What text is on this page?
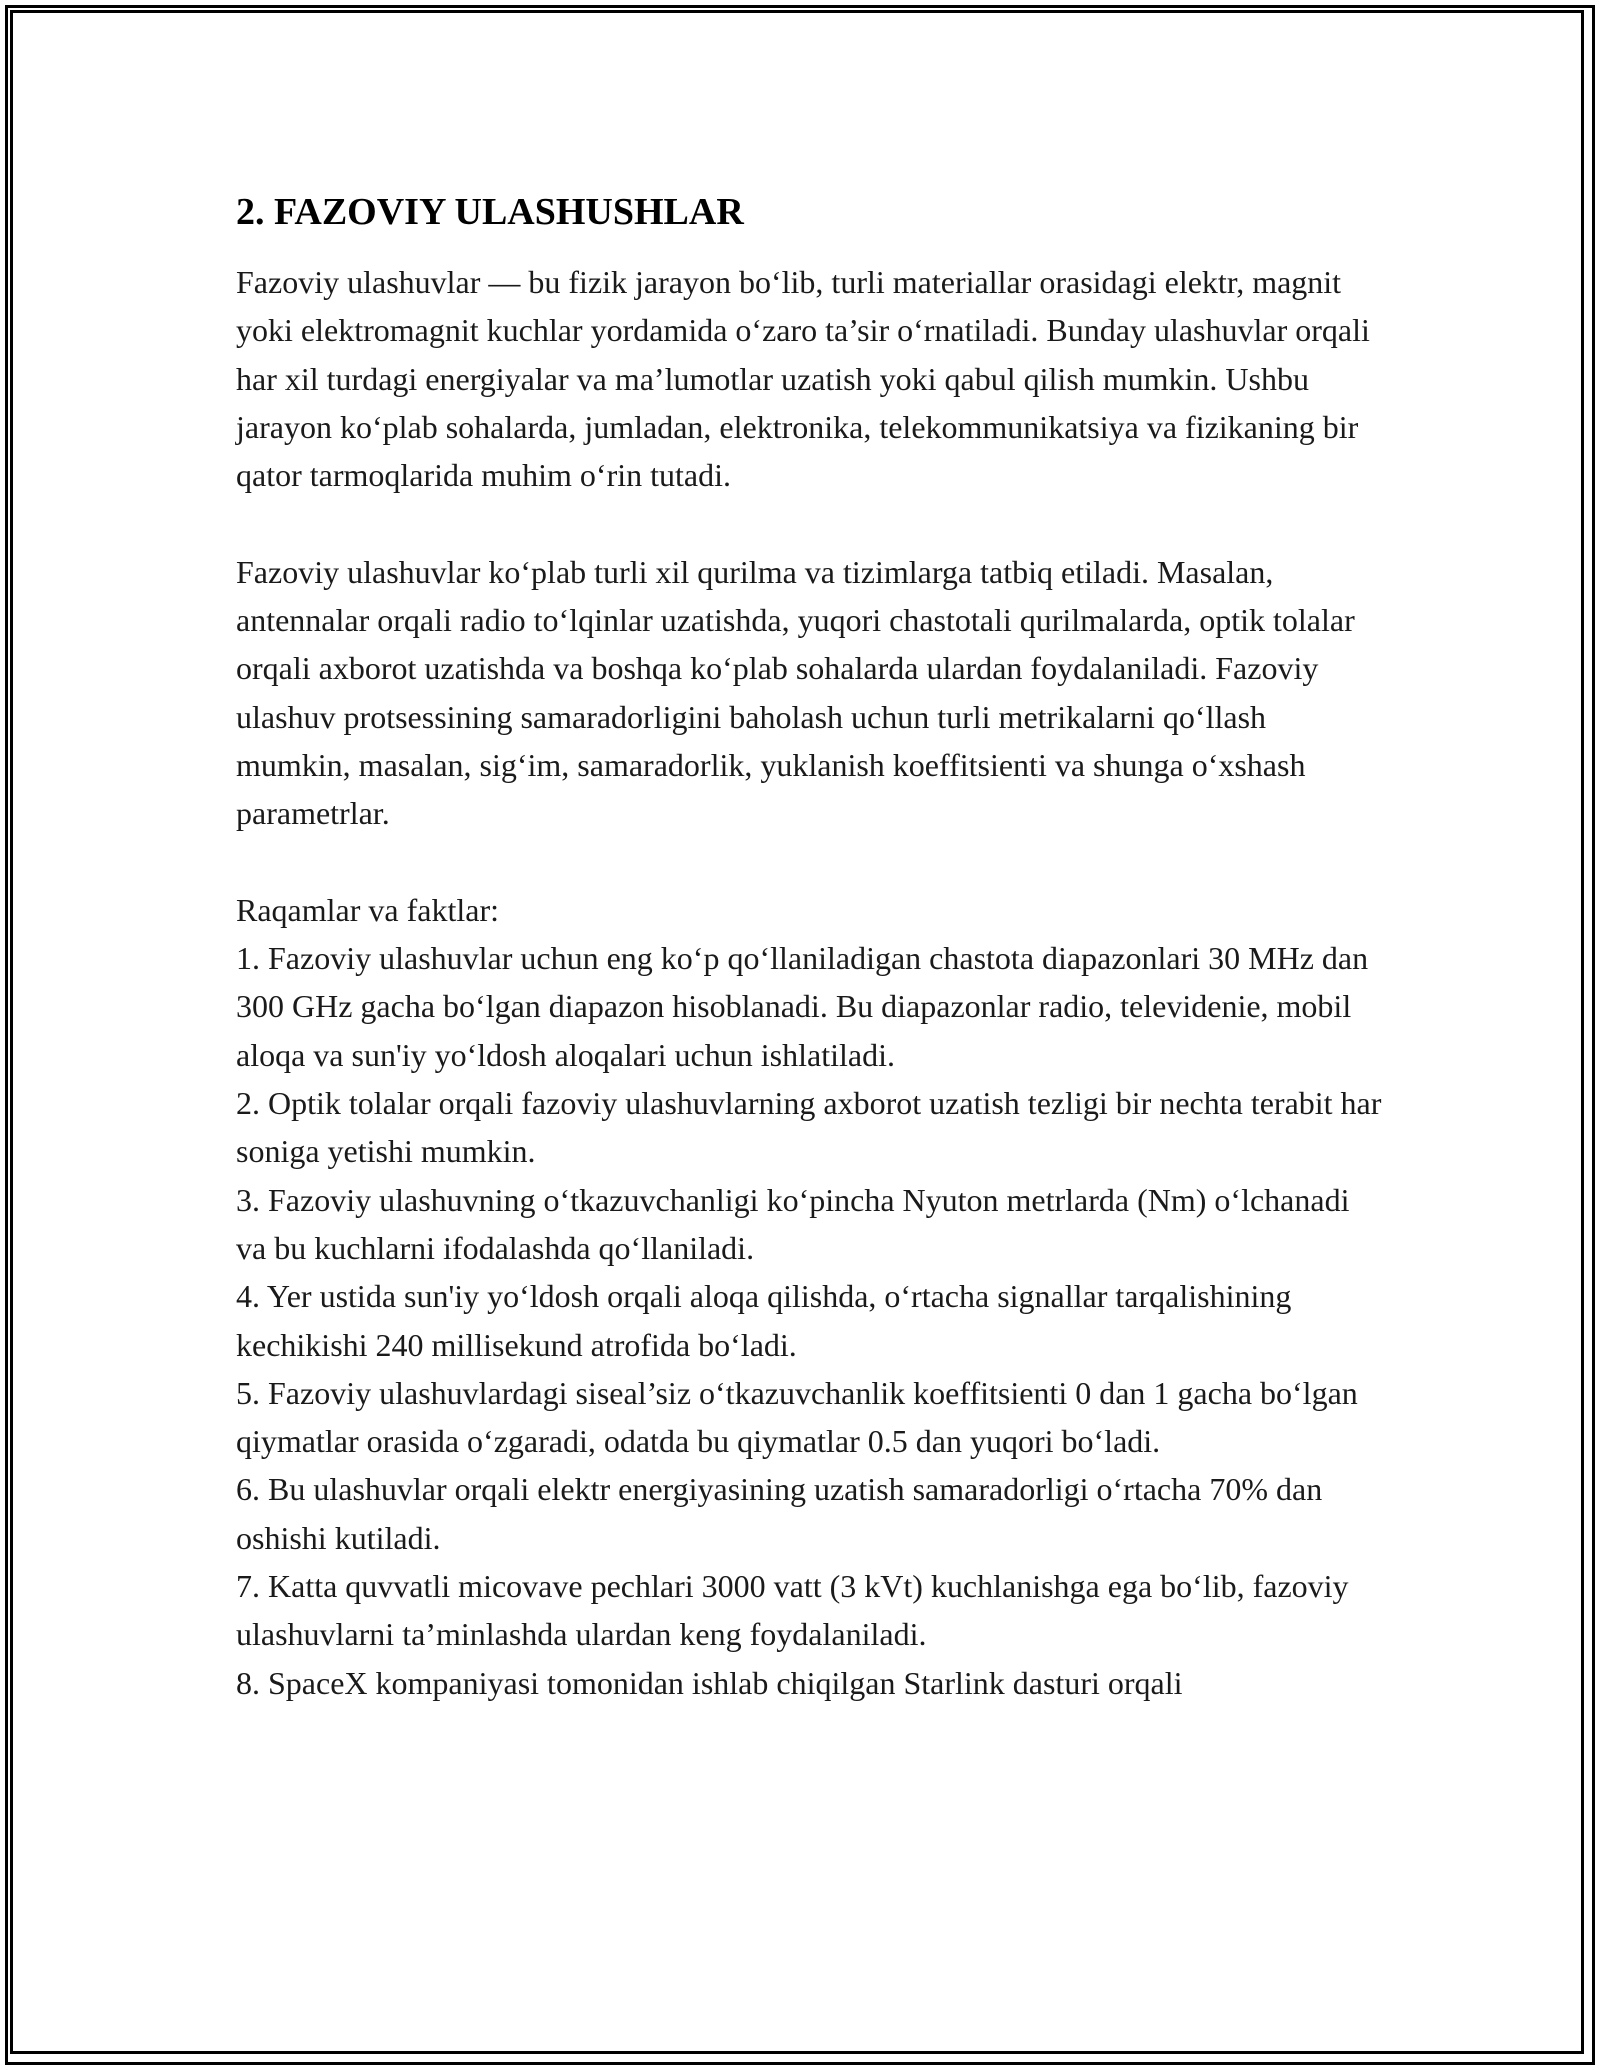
2. FAZOVIY ULASHUSHLAR

Fazoviy ulashuvlar — bu fizik jarayon bo‘lib, turli materiallar orasidagi elektr, magnit yoki elektromagnit kuchlar yordamida o‘zaro ta’sir o‘rnatiladi. Bunday ulashuvlar orqali har xil turdagi energiyalar va ma’lumotlar uzatish yoki qabul qilish mumkin. Ushbu jarayon ko‘plab sohalarda, jumladan, elektronika, telekommunikatsiya va fizikaning bir qator tarmoqlarida muhim o‘rin tutadi.

Fazoviy ulashuvlar ko‘plab turli xil qurilma va tizimlarga tatbiq etiladi. Masalan, antennalar orqali radio to‘lqinlar uzatishda, yuqori chastotali qurilmalarda, optik tolalar orqali axborot uzatishda va boshqa ko‘plab sohalarda ulardan foydalaniladi. Fazoviy ulashuv protsessining samaradorligini baholash uchun turli metrikalarni qo‘llash mumkin, masalan, sig‘im, samaradorlik, yuklanish koeffitsienti va shunga o‘xshash parametrlar.

Raqamlar va faktlar:

1. Fazoviy ulashuvlar uchun eng ko‘p qo‘llaniladigan chastota diapazonlari 30 MHz dan 300 GHz gacha bo‘lgan diapazon hisoblanadi. Bu diapazonlar radio, televidenie, mobil aloqa va sun'iy yo‘ldosh aloqalari uchun ishlatiladi.

2. Optik tolalar orqali fazoviy ulashuvlarning axborot uzatish tezligi bir nechta terabit har soniga yetishi mumkin.

3. Fazoviy ulashuvning o‘tkazuvchanligi ko‘pincha Nyuton metrlarda (Nm) o‘lchanadi va bu kuchlarni ifodalashda qo‘llaniladi.

4. Yer ustida sun'iy yo‘ldosh orqali aloqa qilishda, o‘rtacha signallar tarqalishining kechikishi 240 millisekund atrofida bo‘ladi.

5. Fazoviy ulashuvlardagi siseal’siz o‘tkazuvchanlik koeffitsienti 0 dan 1 gacha bo‘lgan qiymatlar orasida o‘zgaradi, odatda bu qiymatlar 0.5 dan yuqori bo‘ladi.

6. Bu ulashuvlar orqali elektr energiyasining uzatish samaradorligi o‘rtacha 70% dan oshishi kutiladi.

7. Katta quvvatli micovave pechlari 3000 vatt (3 kVt) kuchlanishga ega bo‘lib, fazoviy ulashuvlarni ta’minlashda ulardan keng foydalaniladi.

8. SpaceX kompaniyasi tomonidan ishlab chiqilgan Starlink dasturi orqali
